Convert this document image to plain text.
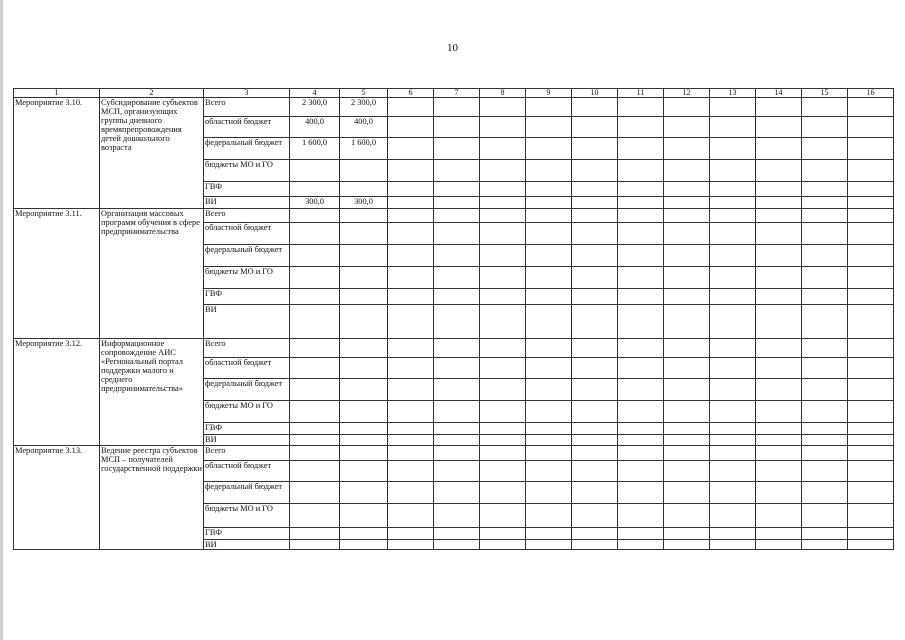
10
1	2	3	4	5	6	7	8	9	10	11	12	13	14	15	16
Мероприятие 3.10.	Субсидирование субъектов МСП, организующих группы дневного времяпрепровождения детей дошкольного возраста	Всего	2 300,0	2 300,0											
		областной бюджет	400,0	400,0											
		федеральный бюджет	1 600,0	1 600,0											
		бюджеты МО и ГО													
		ГВФ													
		ВИ	300,0	300,0											
Мероприятие 3.11.	Организация массовых программ обучения в сфере предпринимательства	Всего													
		областной бюджет													
		федеральный бюджет													
		бюджеты МО и ГО													
		ГВФ													
		ВИ													
Мероприятие 3.12.	Информационное сопровождение АИС «Региональный портал поддержки малого и среднего предпринимательства»	Всего													
		областной бюджет													
		федеральный бюджет													
		бюджеты МО и ГО													
		ГВФ													
		ВИ													
Мероприятие 3.13.	Ведение реестра субъектов МСП – получателей государственной поддержки	Всего													
		областной бюджет													
		федеральный бюджет													
		бюджеты МО и ГО													
		ГВФ													
		ВИ													
